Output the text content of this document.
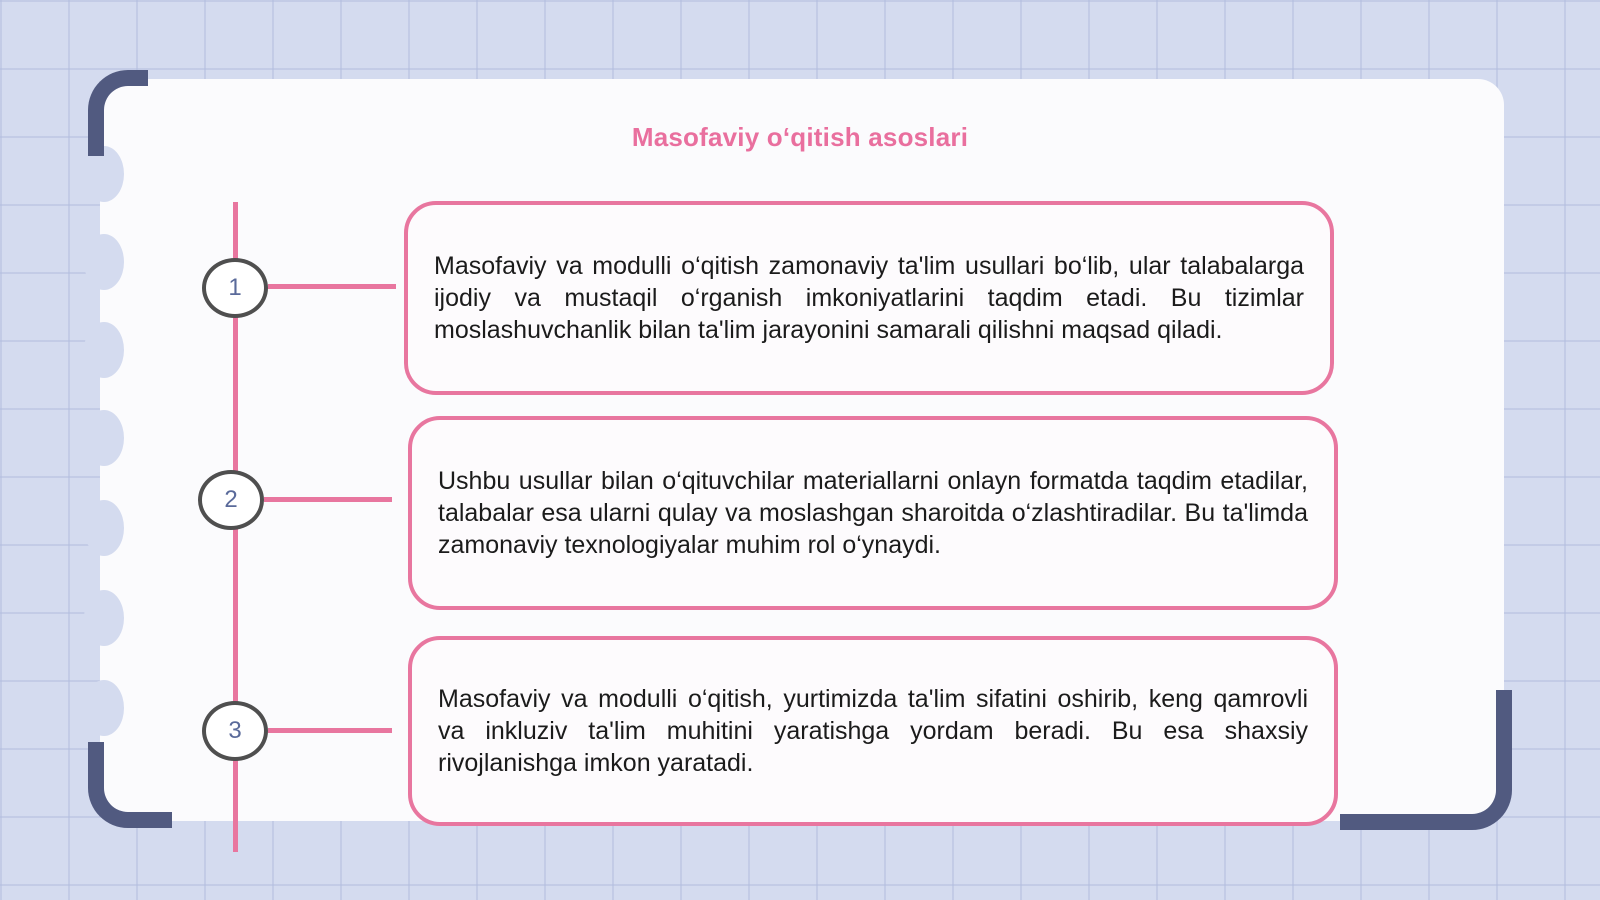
Masofaviy o‘qitish asoslari
1
Masofaviy va modulli o‘qitish zamonaviy ta'lim usullari bo‘lib, ular talabalarga ijodiy va mustaqil o‘rganish imkoniyatlarini taqdim etadi. Bu tizimlar moslashuvchanlik bilan ta'lim jarayonini samarali qilishni maqsad qiladi.
2
Ushbu usullar bilan o‘qituvchilar materiallarni onlayn formatda taqdim etadilar, talabalar esa ularni qulay va moslashgan sharoitda o‘zlashtiradilar. Bu ta'limda zamonaviy texnologiyalar muhim rol o‘ynaydi.
3
Masofaviy va modulli o‘qitish, yurtimizda ta'lim sifatini oshirib, keng qamrovli va inkluziv ta'lim muhitini yaratishga yordam beradi. Bu esa shaxsiy rivojlanishga imkon yaratadi.
